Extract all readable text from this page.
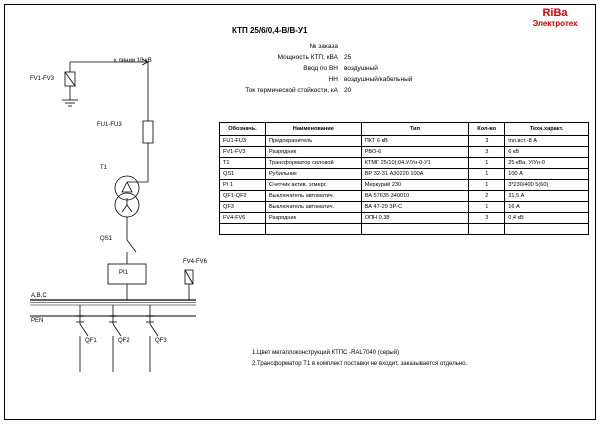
RiBa
Электротех
КТП 25/6/0,4-В/В-У1
№ заказа
Мощность КТП, кВА 25
Ввод по ВН воздушный
НН воздушный/кабельный
Ток термической стойкости, кА 20
Обозначь.	Наименование	Тип	Кол-во	Техн.характ.
FU1-FU3	Предохранитель	ПКТ 6 кВ	3	Inn.вст.-8 А
FV1-FV3	Разрядник	РВО-6	3	6 кВ
T1	Трансформатор силовой	КТМГ 25/10(:04.У/Ун-0-У1	1	25 кВа, У/Ун-0
QS1	Рубильник	ВР 32-31 А30220 100А	1	100 А
PI 1	Счетчик актив. эгмерг.	Меркурий 230	1	3*230/400 5(60)
QF1-QF2	Выключатель автоматич.	ВА 57635 340010	2	31,5 А
QF3	Выключатель автоматич.	ВА 47-29 3Р-С	1	16 А
FV4-FV6	Разрядник	ОПН 0,38	3	0,4 кВ

1.Цвет металлоконструкций КТПС -RAL7040 (серый)
2.Трансформатор Т1 в комплект поставки не входит, заказывается отдельно.
к линии 10 кВ
FV1-FV3
FU1-FU3
T1
QS1
PI1
FV4-FV6
А,В,С
PEN
QF1	QF2	QF3
